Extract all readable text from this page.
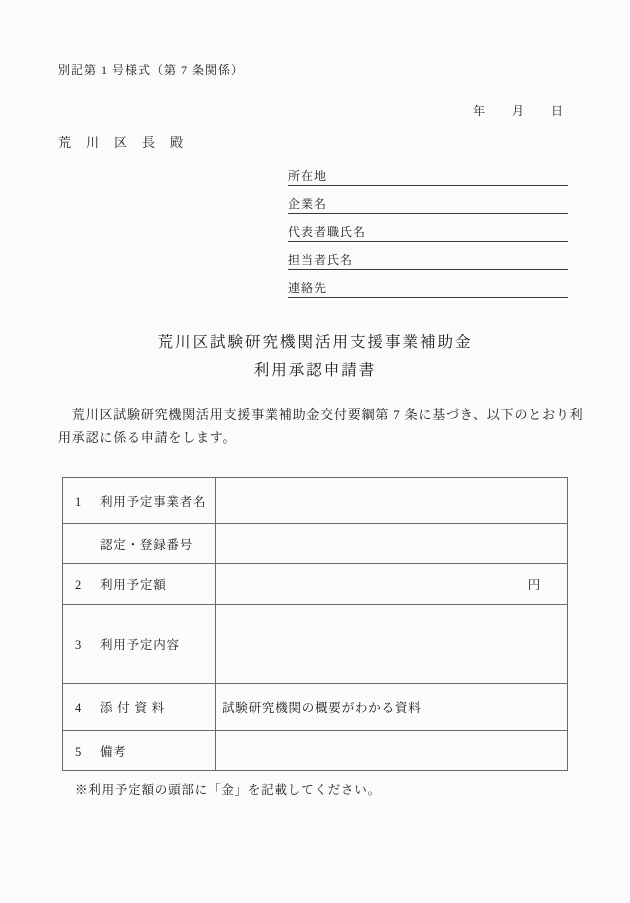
別記第 1 号様式（第 7 条関係）
年　　月　　日
荒　川　区　長　殿
所在地
企業名
代表者職氏名
担当者氏名
連絡先
荒川区試験研究機関活用支援事業補助金
利用承認申請書
　荒川区試験研究機関活用支援事業補助金交付要綱第 7 条に基づき、以下のとおり利
用承認に係る申請をします。
1 利用予定事業者名	
認定・登録番号	
2 利用予定額	円
3 利用予定内容	
4 添 付 資 料	試験研究機関の概要がわかる資料
5 備考	
※利用予定額の頭部に「金」を記載してください。
